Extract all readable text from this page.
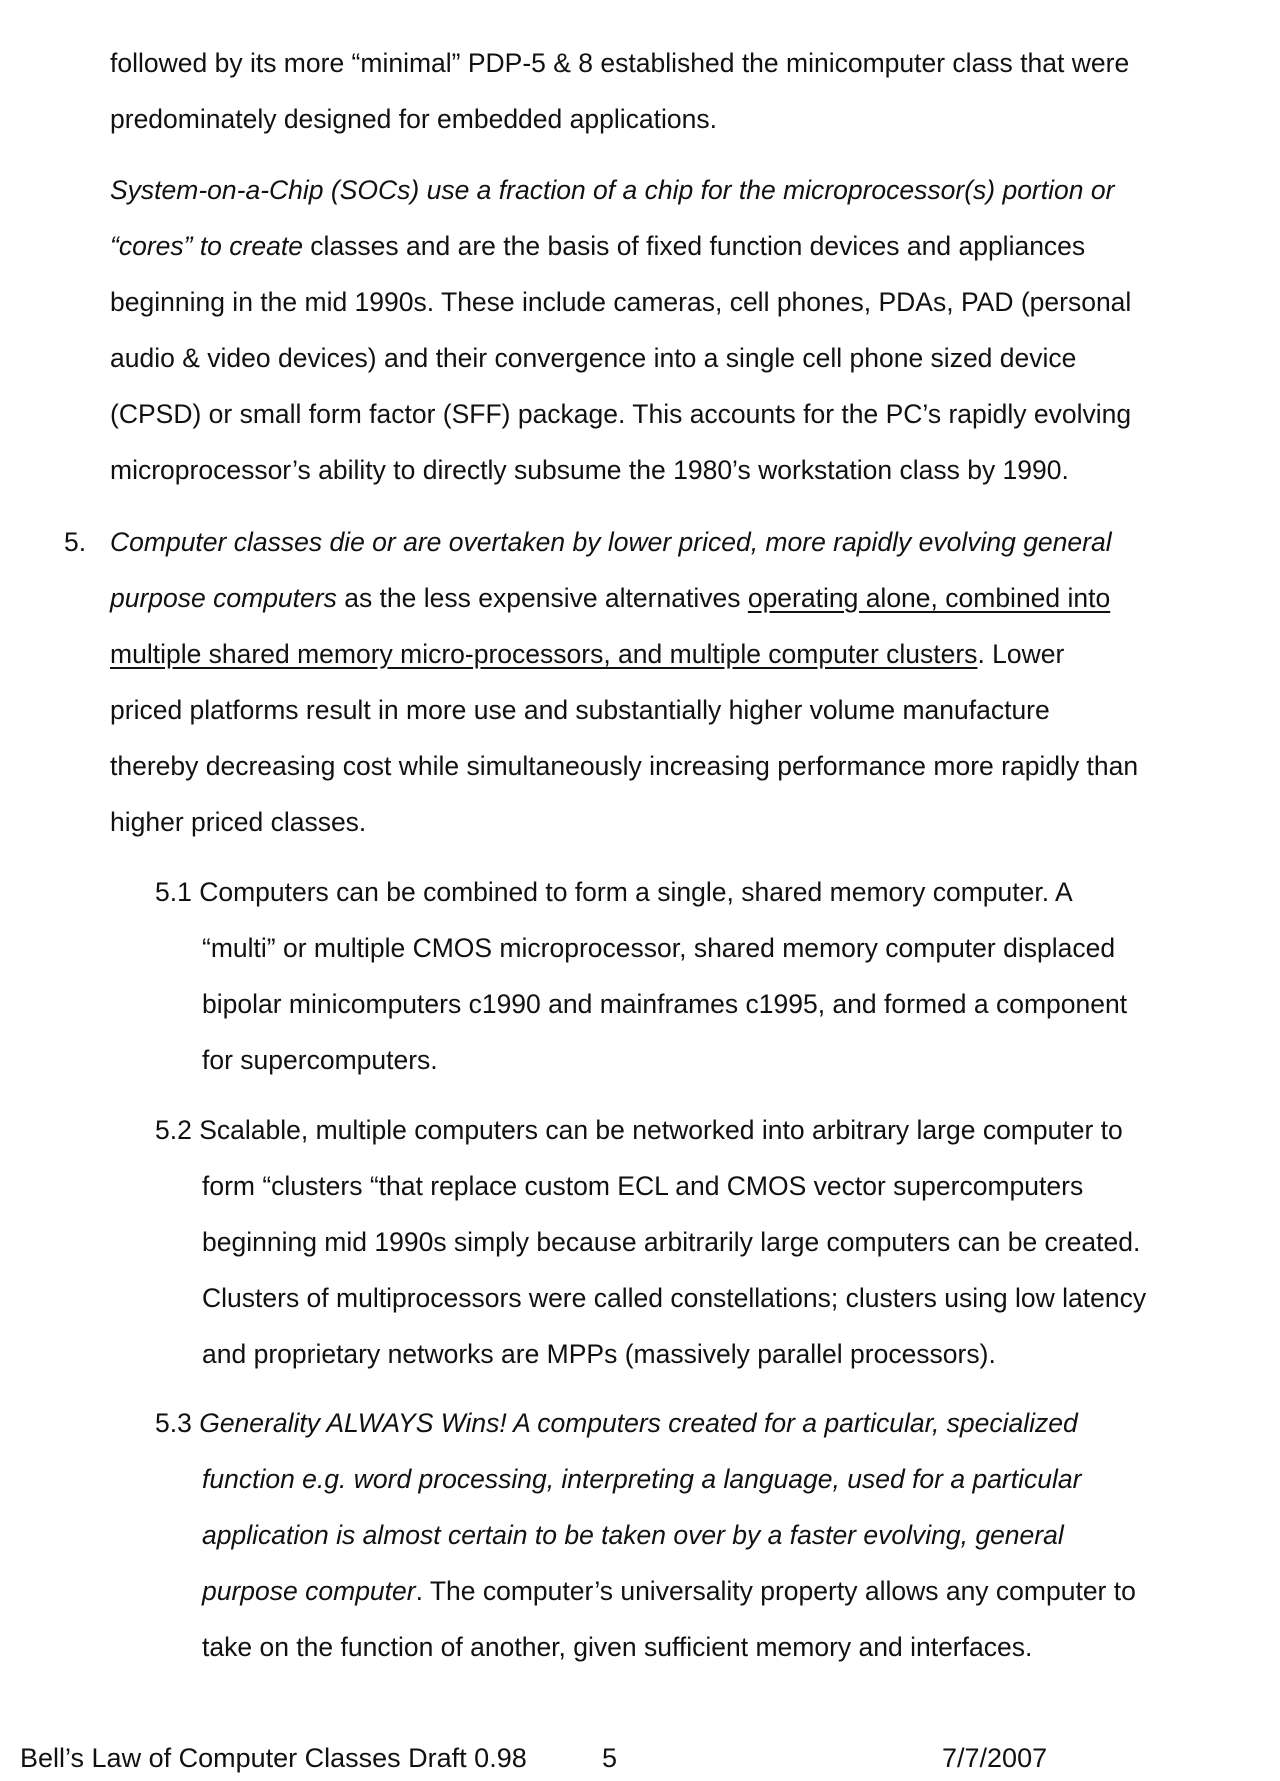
followed by its more “minimal” PDP-5 & 8 established the minicomputer class that were
predominately designed for embedded applications.
System-on-a-Chip (SOCs) use a fraction of a chip for the microprocessor(s) portion or
“cores” to create classes and are the basis of fixed function devices and appliances
beginning in the mid 1990s. These include cameras, cell phones, PDAs, PAD (personal
audio & video devices) and their convergence into a single cell phone sized device
(CPSD) or small form factor (SFF) package. This accounts for the PC’s rapidly evolving
microprocessor’s ability to directly subsume the 1980’s workstation class by 1990.
5. Computer classes die or are overtaken by lower priced, more rapidly evolving general
purpose computers as the less expensive alternatives operating alone, combined into
multiple shared memory micro-processors, and multiple computer clusters. Lower
priced platforms result in more use and substantially higher volume manufacture
thereby decreasing cost while simultaneously increasing performance more rapidly than
higher priced classes.
5.1 Computers can be combined to form a single, shared memory computer. A
“multi” or multiple CMOS microprocessor, shared memory computer displaced
bipolar minicomputers c1990 and mainframes c1995, and formed a component
for supercomputers.
5.2 Scalable, multiple computers can be networked into arbitrary large computer to
form “clusters “that replace custom ECL and CMOS vector supercomputers
beginning mid 1990s simply because arbitrarily large computers can be created.
Clusters of multiprocessors were called constellations; clusters using low latency
and proprietary networks are MPPs (massively parallel processors).
5.3 Generality ALWAYS Wins! A computers created for a particular, specialized
function e.g. word processing, interpreting a language, used for a particular
application is almost certain to be taken over by a faster evolving, general
purpose computer. The computer’s universality property allows any computer to
take on the function of another, given sufficient memory and interfaces.
Bell’s Law of Computer Classes Draft 0.98	5	7/7/2007
